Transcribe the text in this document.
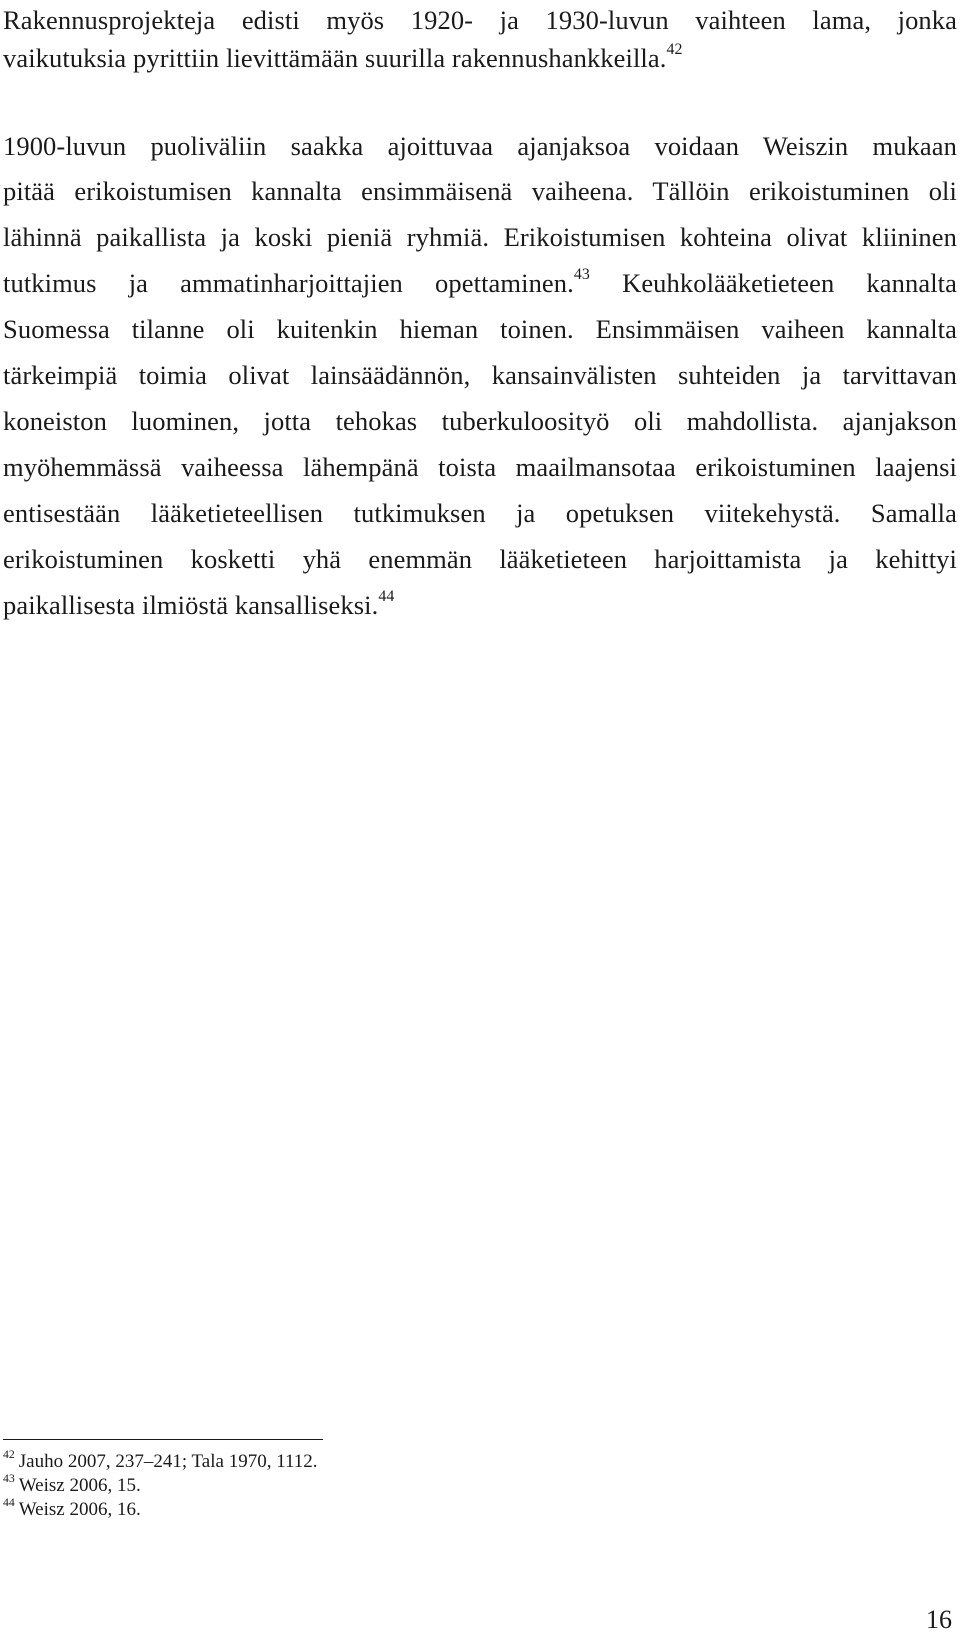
Rakennusprojekteja edisti myös 1920- ja 1930-luvun vaihteen lama, jonka
vaikutuksia pyrittiin lievittämään suurilla rakennushankkeilla.$^{42}$
1900-luvun puoliväliin saakka ajoittuvaa ajanjaksoa voidaan Weiszin mukaan
pitää erikoistumisen kannalta ensimmäisenä vaiheena. Tällöin erikoistuminen oli
lähinnä paikallista ja koski pieniä ryhmiä. Erikoistumisen kohteina olivat kliininen
tutkimus ja ammatinharjoittajien opettaminen.$^{43}$ Keuhkolääketieteen kannalta
Suomessa tilanne oli kuitenkin hieman toinen. Ensimmäisen vaiheen kannalta
tärkeimpiä toimia olivat lainsäädännön, kansainvälisten suhteiden ja tarvittavan
koneiston luominen, jotta tehokas tuberkuloosityö oli mahdollista. ajanjakson
myöhemmässä vaiheessa lähempänä toista maailmansotaa erikoistuminen laajensi
entisestään lääketieteellisen tutkimuksen ja opetuksen viitekehystä. Samalla
erikoistuminen kosketti yhä enemmän lääketieteen harjoittamista ja kehittyi
paikallisesta ilmiöstä kansalliseksi.$^{44}$
$^{42}$ Jauho 2007, 237–241; Tala 1970, 1112.
$^{43}$ Weisz 2006, 15.
$^{44}$ Weisz 2006, 16.
16
